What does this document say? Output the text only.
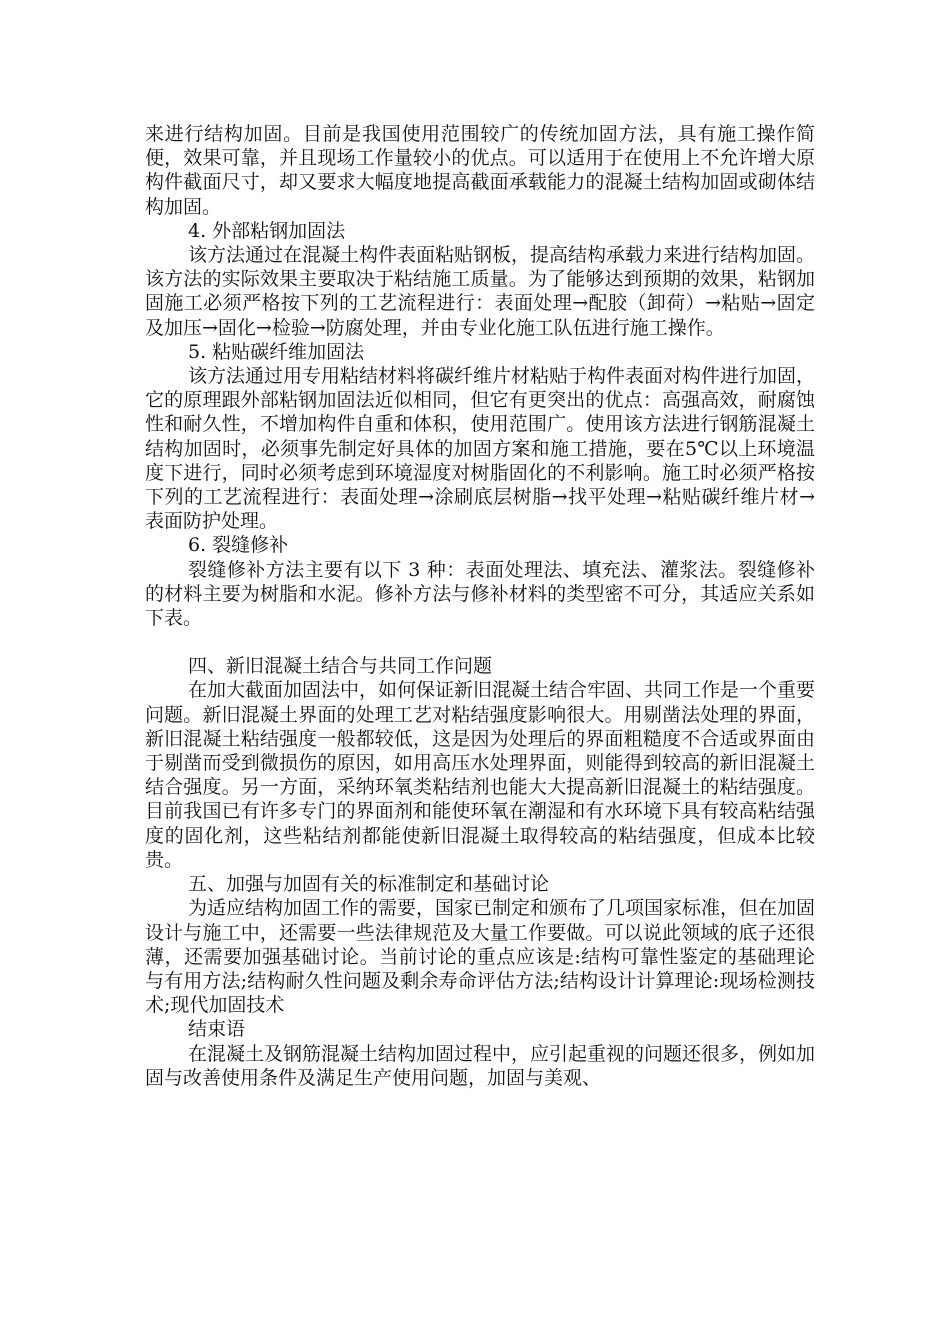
来进行结构加固。目前是我国使用范围较广的传统加固方法，具有施工操作简便，效果可靠，并且现场工作量较小的优点。可以适用于在使用上不允许增大原构件截面尺寸，却又要求大幅度地提高截面承载能力的混凝土结构加固或砌体结构加固。

4. 外部粘钢加固法

该方法通过在混凝土构件表面粘贴钢板，提高结构承载力来进行结构加固。该方法的实际效果主要取决于粘结施工质量。为了能够达到预期的效果，粘钢加固施工必须严格按下列的工艺流程进行：表面处理→配胶（卸荷）→粘贴→固定及加压→固化→检验→防腐处理，并由专业化施工队伍进行施工操作。

5. 粘贴碳纤维加固法

该方法通过用专用粘结材料将碳纤维片材粘贴于构件表面对构件进行加固，它的原理跟外部粘钢加固法近似相同，但它有更突出的优点：高强高效，耐腐蚀性和耐久性，不增加构件自重和体积，使用范围广。使用该方法进行钢筋混凝土结构加固时，必须事先制定好具体的加固方案和施工措施，要在5℃以上环境温度下进行，同时必须考虑到环境湿度对树脂固化的不利影响。施工时必须严格按下列的工艺流程进行：表面处理→涂刷底层树脂→找平处理→粘贴碳纤维片材→表面防护处理。

6. 裂缝修补

裂缝修补方法主要有以下 3 种：表面处理法、填充法、灌浆法。裂缝修补的材料主要为树脂和水泥。修补方法与修补材料的类型密不可分，其适应关系如下表。

四、新旧混凝土结合与共同工作问题

在加大截面加固法中，如何保证新旧混凝土结合牢固、共同工作是一个重要问题。新旧混凝土界面的处理工艺对粘结强度影响很大。用剔凿法处理的界面，新旧混凝土粘结强度一般都较低，这是因为处理后的界面粗糙度不合适或界面由于剔凿而受到微损伤的原因，如用高压水处理界面，则能得到较高的新旧混凝土结合强度。另一方面，采纳环氧类粘结剂也能大大提高新旧混凝土的粘结强度。目前我国已有许多专门的界面剂和能使环氧在潮湿和有水环境下具有较高粘结强度的固化剂，这些粘结剂都能使新旧混凝土取得较高的粘结强度，但成本比较贵。

五、加强与加固有关的标准制定和基础讨论

为适应结构加固工作的需要，国家已制定和颁布了几项国家标准，但在加固设计与施工中，还需要一些法律规范及大量工作要做。可以说此领域的底子还很薄，还需要加强基础讨论。当前讨论的重点应该是:结构可靠性鉴定的基础理论与有用方法;结构耐久性问题及剩余寿命评估方法;结构设计计算理论:现场检测技术;现代加固技术

结束语

在混凝土及钢筋混凝土结构加固过程中，应引起重视的问题还很多，例如加固与改善使用条件及满足生产使用问题，加固与美观、
